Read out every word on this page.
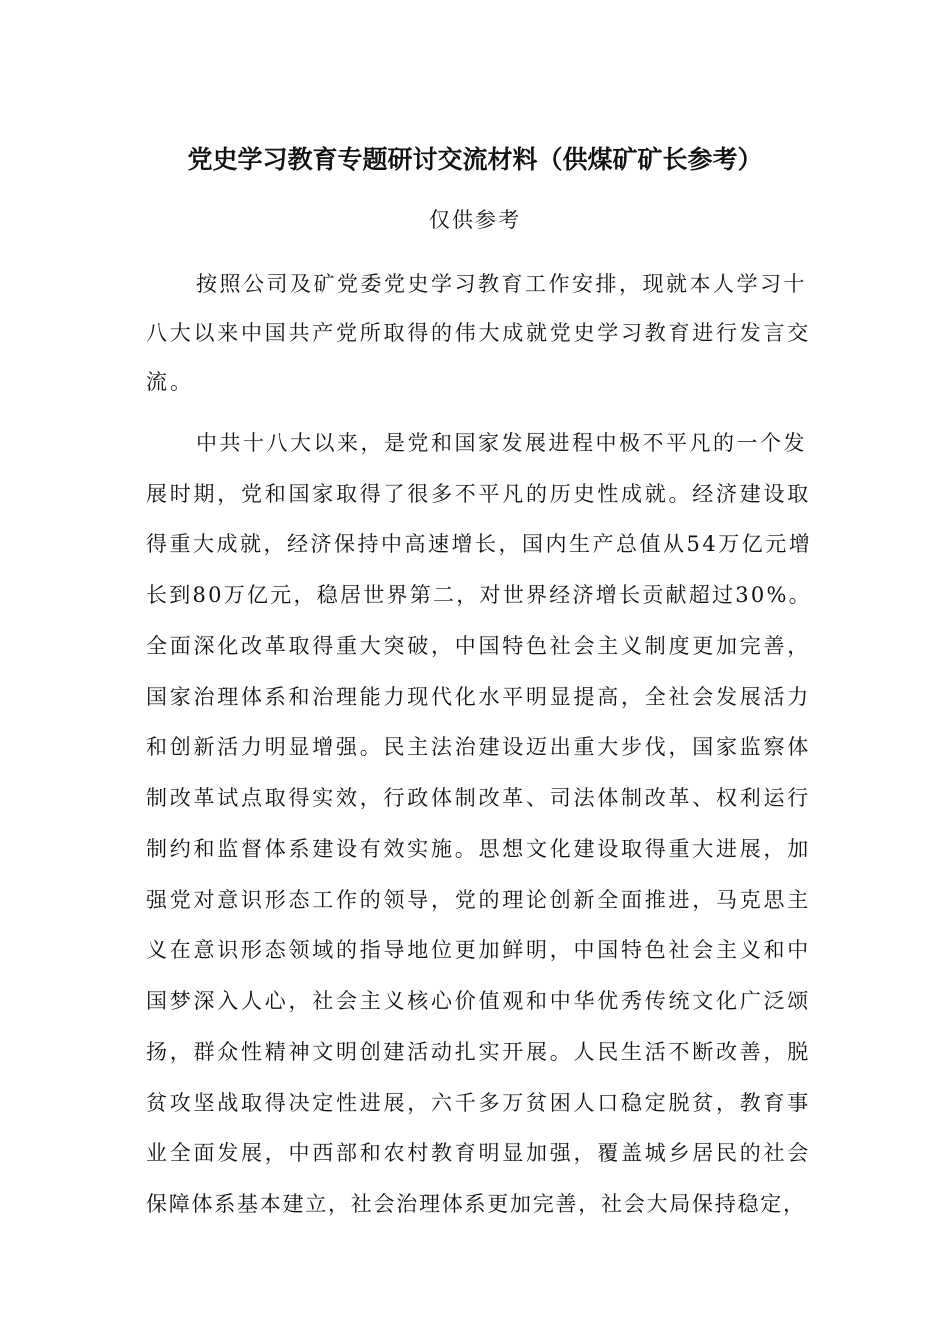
党史学习教育专题研讨交流材料（供煤矿矿长参考）
仅供参考
按照公司及矿党委党史学习教育工作安排，现就本人学习十
八大以来中国共产党所取得的伟大成就党史学习教育进行发言交
流。
中共十八大以来，是党和国家发展进程中极不平凡的一个发
展时期，党和国家取得了很多不平凡的历史性成就。经济建设取
得重大成就，经济保持中高速增长，国内生产总值从54万亿元增
长到80万亿元，稳居世界第二，对世界经济增长贡献超过30%。
全面深化改革取得重大突破，中国特色社会主义制度更加完善，
国家治理体系和治理能力现代化水平明显提高，全社会发展活力
和创新活力明显增强。民主法治建设迈出重大步伐，国家监察体
制改革试点取得实效，行政体制改革、司法体制改革、权利运行
制约和监督体系建设有效实施。思想文化建设取得重大进展，加
强党对意识形态工作的领导，党的理论创新全面推进，马克思主
义在意识形态领域的指导地位更加鲜明，中国特色社会主义和中
国梦深入人心，社会主义核心价值观和中华优秀传统文化广泛颂
扬，群众性精神文明创建活动扎实开展。人民生活不断改善，脱
贫攻坚战取得决定性进展，六千多万贫困人口稳定脱贫，教育事
业全面发展，中西部和农村教育明显加强，覆盖城乡居民的社会
保障体系基本建立，社会治理体系更加完善，社会大局保持稳定，
